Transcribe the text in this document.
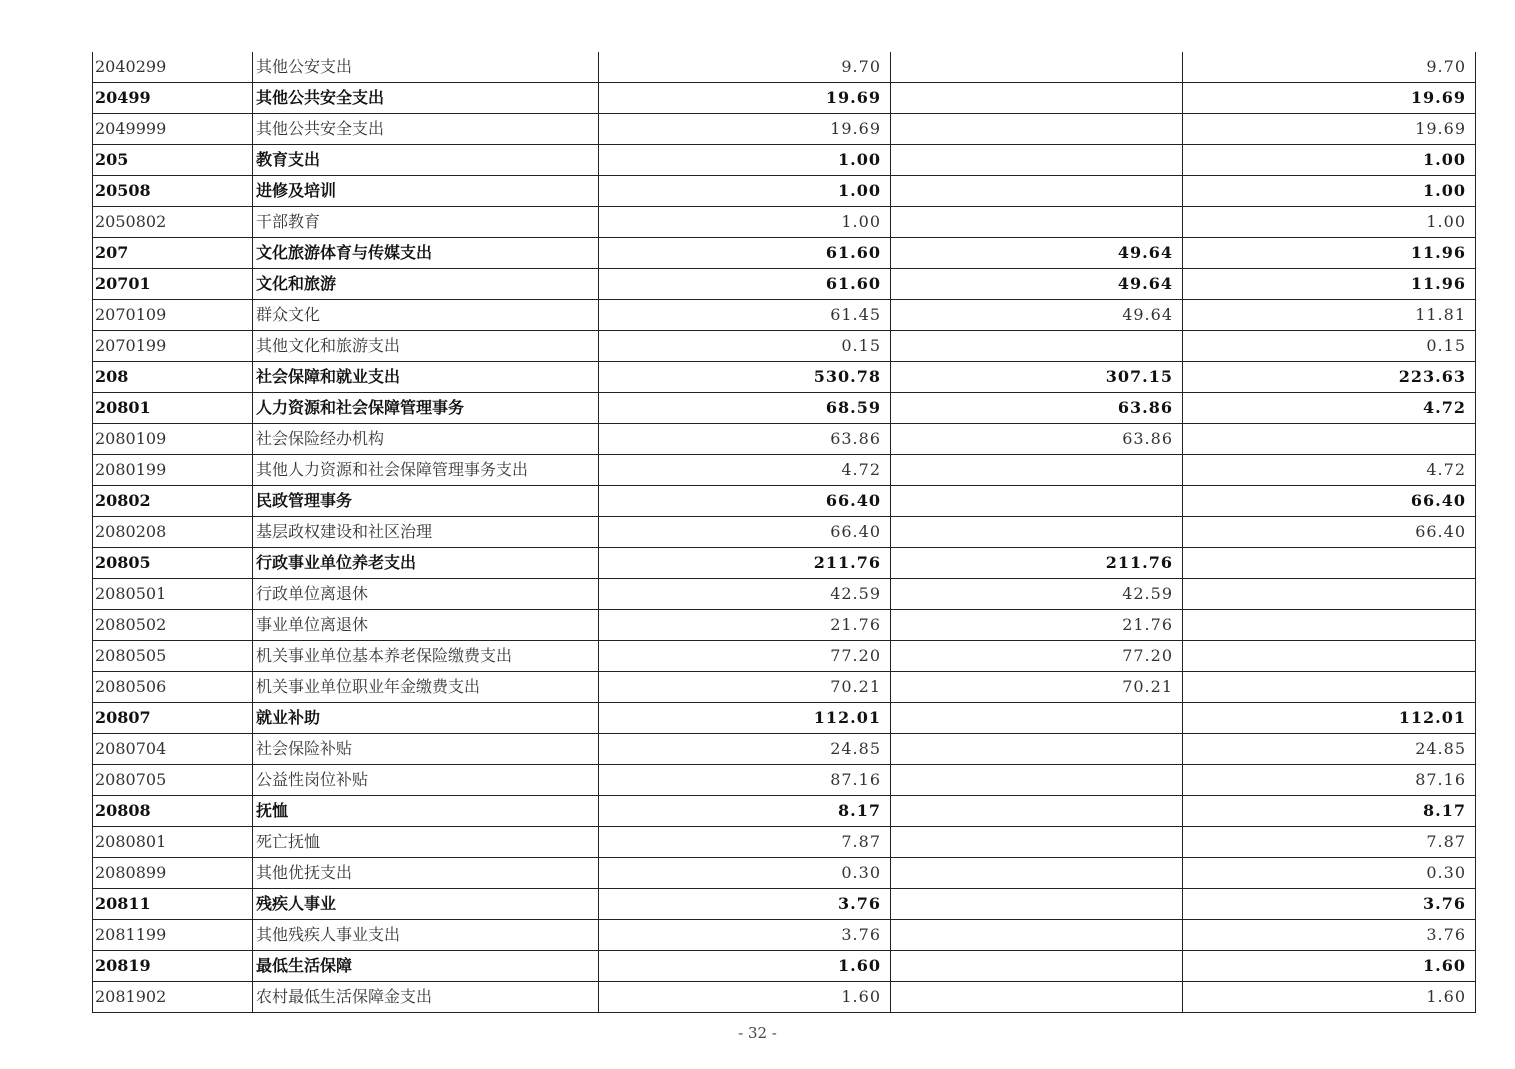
2040299	其他公安支出	9.70		9.70
20499	其他公共安全支出	19.69		19.69
2049999	其他公共安全支出	19.69		19.69
205	教育支出	1.00		1.00
20508	进修及培训	1.00		1.00
2050802	干部教育	1.00		1.00
207	文化旅游体育与传媒支出	61.60	49.64	11.96
20701	文化和旅游	61.60	49.64	11.96
2070109	群众文化	61.45	49.64	11.81
2070199	其他文化和旅游支出	0.15		0.15
208	社会保障和就业支出	530.78	307.15	223.63
20801	人力资源和社会保障管理事务	68.59	63.86	4.72
2080109	社会保险经办机构	63.86	63.86	
2080199	其他人力资源和社会保障管理事务支出	4.72		4.72
20802	民政管理事务	66.40		66.40
2080208	基层政权建设和社区治理	66.40		66.40
20805	行政事业单位养老支出	211.76	211.76	
2080501	行政单位离退休	42.59	42.59	
2080502	事业单位离退休	21.76	21.76	
2080505	机关事业单位基本养老保险缴费支出	77.20	77.20	
2080506	机关事业单位职业年金缴费支出	70.21	70.21	
20807	就业补助	112.01		112.01
2080704	社会保险补贴	24.85		24.85
2080705	公益性岗位补贴	87.16		87.16
20808	抚恤	8.17		8.17
2080801	死亡抚恤	7.87		7.87
2080899	其他优抚支出	0.30		0.30
20811	残疾人事业	3.76		3.76
2081199	其他残疾人事业支出	3.76		3.76
20819	最低生活保障	1.60		1.60
2081902	农村最低生活保障金支出	1.60		1.60
- 32 -
